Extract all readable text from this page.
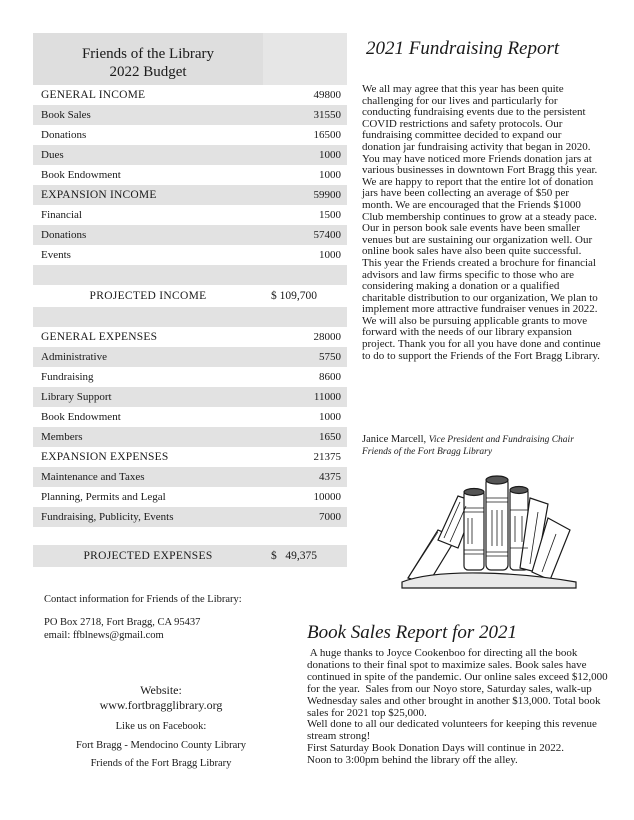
Friends of the Library
2022 Budget
GENERAL INCOME	49800
Book Sales	31550
Donations	16500
Dues	1000
Book Endowment	1000
EXPANSION INCOME	59900
Financial	1500
Donations	57400
Events	1000
PROJECTED INCOME	$ 109,700
GENERAL EXPENSES	28000
Administrative	5750
Fundraising	8600
Library Support	11000
Book Endowment	1000
Members	1650
EXPANSION EXPENSES	21375
Maintenance and Taxes	4375
Planning, Permits and Legal	10000
Fundraising, Publicity, Events	7000
PROJECTED EXPENSES	$   49,375
Contact information for Friends of the Library:
PO Box 2718, Fort Bragg, CA 95437
email: ffblnews@gmail.com
Website:
www.fortbragglibrary.org
Like us on Facebook:
Fort Bragg - Mendocino County Library
Friends of the Fort Bragg Library
2021 Fundraising Report

We all may agree that this year has been quite challenging for our lives and particularly for conducting fundraising events due to the persistent COVID restrictions and safety protocols. Our fundraising committee decided to expand our donation jar fundraising activity that began in 2020. You may have noticed more Friends donation jars at various businesses in downtown Fort Bragg this year. We are happy to report that the entire lot of donation jars have been collecting an average of $50 per month. We are encouraged that the Friends $1000 Club membership continues to grow at a steady pace. Our in person book sale events have been smaller venues but are sustaining our organization well. Our online book sales have also been quite successful. This year the Friends created a brochure for financial advisors and law firms specific to those who are considering making a donation or a qualified charitable distribution to our organization, We plan to implement more attractive fundraiser venues in 2022. We will also be pursuing applicable grants to move forward with the needs of our library expansion project. Thank you for all you have done and continue to do to support the Friends of the Fort Bragg Library.

Janice Marcell, Vice President and Fundraising Chair
Friends of the Fort Bragg Library
Book Sales Report for 2021

A huge thanks to Joyce Cookenboo for directing all the book donations to their final spot to maximize sales. Book sales have continued in spite of the pandemic. Our online sales exceed $12,000 for the year.  Sales from our Noyo store, Saturday sales, walk-up Wednesday sales and other brought in another $13,000. Total book sales for 2021 top $25,000.

Well done to all our dedicated volunteers for keeping this revenue stream strong!

First Saturday Book Donation Days will continue in 2022.

Noon to 3:00pm behind the library off the alley.
